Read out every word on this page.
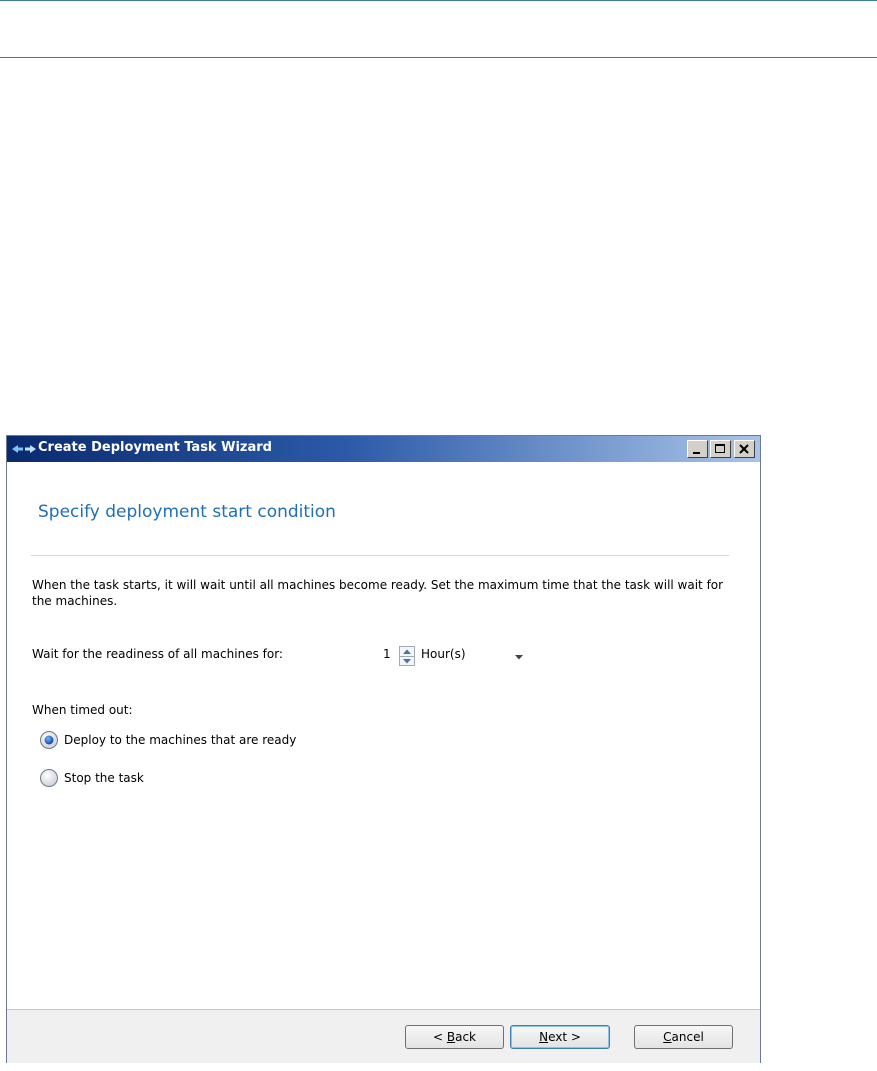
Create Deployment Task Wizard
Specify deployment start condition
When the task starts, it will wait until all machines become ready. Set the maximum time that the task will wait for the machines.
Wait for the readiness of all machines for:	1	Hour(s)
When timed out:
Deploy to the machines that are ready
Stop the task
< Back	Next >	Cancel
